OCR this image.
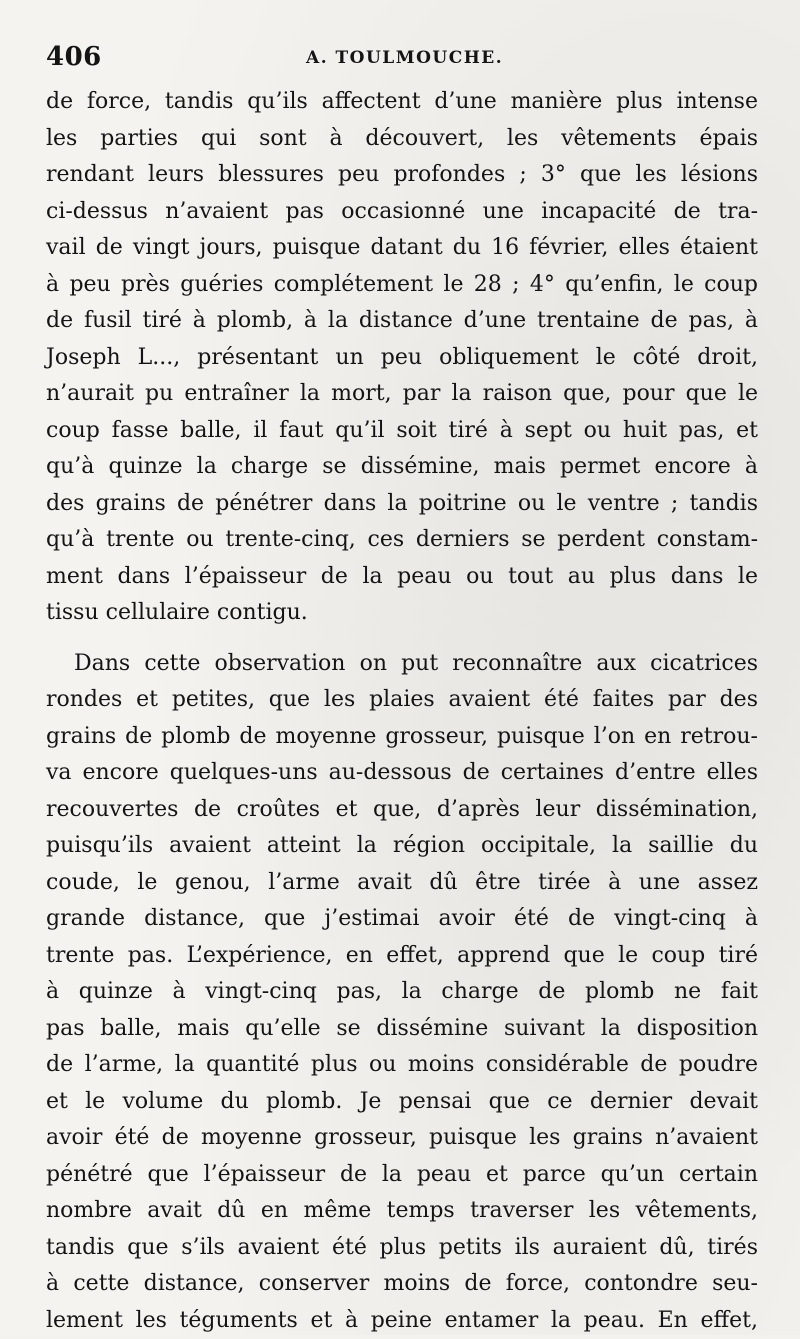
406	A. TOULMOUCHE.
de force, tandis qu’ils affectent d’une manière plus intense
les parties qui sont à découvert, les vêtements épais
rendant leurs blessures peu profondes ; 3° que les lésions
ci-dessus n’avaient pas occasionné une incapacité de tra-
vail de vingt jours, puisque datant du 16 février, elles étaient
à peu près guéries complétement le 28 ; 4° qu’enfin, le coup
de fusil tiré à plomb, à la distance d’une trentaine de pas, à
Joseph L..., présentant un peu obliquement le côté droit,
n’aurait pu entraîner la mort, par la raison que, pour que le
coup fasse balle, il faut qu’il soit tiré à sept ou huit pas, et
qu’à quinze la charge se dissémine, mais permet encore à
des grains de pénétrer dans la poitrine ou le ventre ; tandis
qu’à trente ou trente-cinq, ces derniers se perdent constam-
ment dans l’épaisseur de la peau ou tout au plus dans le
tissu cellulaire contigu.
Dans cette observation on put reconnaître aux cicatrices
rondes et petites, que les plaies avaient été faites par des
grains de plomb de moyenne grosseur, puisque l’on en retrou-
va encore quelques-uns au-dessous de certaines d’entre elles
recouvertes de croûtes et que, d’après leur dissémination,
puisqu’ils avaient atteint la région occipitale, la saillie du
coude, le genou, l’arme avait dû être tirée à une assez
grande distance, que j’estimai avoir été de vingt-cinq à
trente pas. L’expérience, en effet, apprend que le coup tiré
à quinze à vingt-cinq pas, la charge de plomb ne fait
pas balle, mais qu’elle se dissémine suivant la disposition
de l’arme, la quantité plus ou moins considérable de poudre
et le volume du plomb. Je pensai que ce dernier devait
avoir été de moyenne grosseur, puisque les grains n’avaient
pénétré que l’épaisseur de la peau et parce qu’un certain
nombre avait dû en même temps traverser les vêtements,
tandis que s’ils avaient été plus petits ils auraient dû, tirés
à cette distance, conserver moins de force, contondre seu-
lement les téguments et à peine entamer la peau. En effet,
